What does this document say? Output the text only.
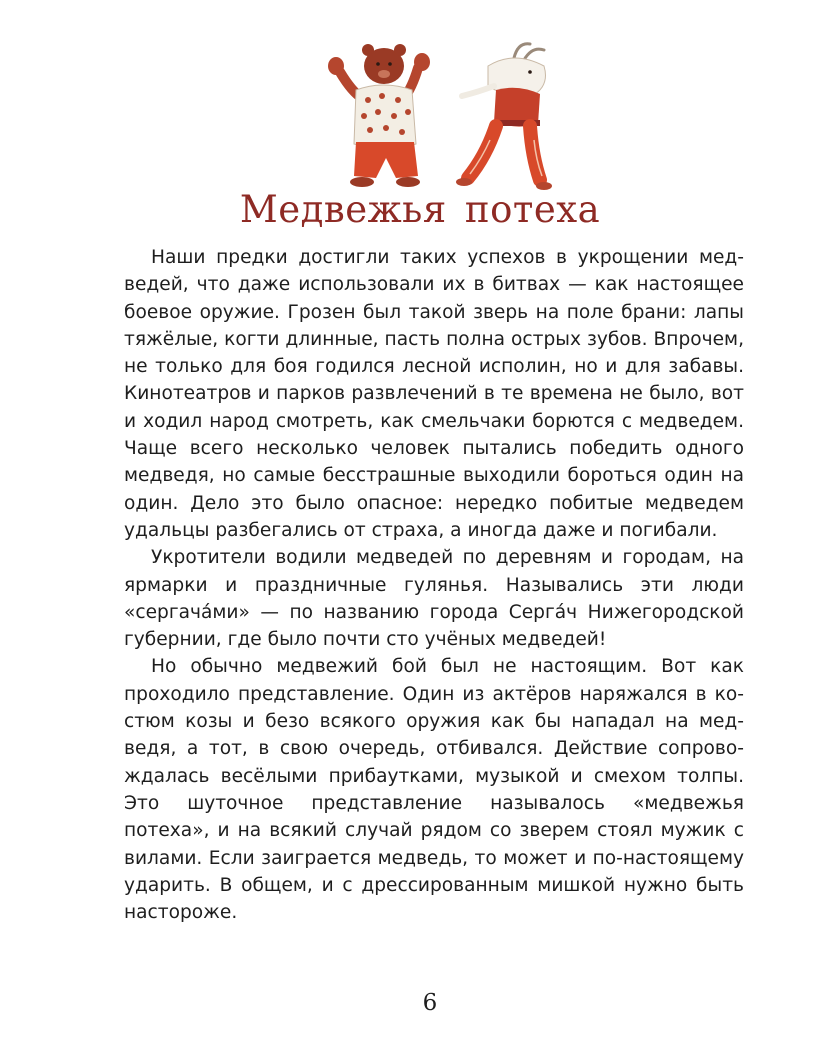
Медвежья потеха

Наши предки достигли таких успехов в укрощении медведей, что даже использовали их в битвах — как настоящее боевое оружие. Грозен был такой зверь на поле брани: лапы тяжёлые, когти длинные, пасть полна острых зубов. Впрочем, не только для боя годился лесной исполин, но и для забавы. Кинотеатров и парков развлечений в те времена не было, вот и ходил народ смотреть, как смельчаки борются с медведем. Чаще всего несколько человек пытались победить одного медведя, но самые бесстрашные выходили бороться один на один. Дело это было опасное: нередко побитые медведем удальцы разбегались от страха, а иногда даже и погибали.

Укротители водили медведей по деревням и городам, на ярмарки и праздничные гулянья. Назывались эти люди «сергача́ми» — по названию города Серга́ч Нижегородской губернии, где было почти сто учёных медведей!

Но обычно медвежий бой был не настоящим. Вот как проходило представление. Один из актёров наряжался в костюм козы и безо всякого оружия как бы нападал на медведя, а тот, в свою очередь, отбивался. Действие сопровождалась весёлыми прибаутками, музыкой и смехом толпы. Это шуточное представление называлось «медвежья потеха», и на всякий случай рядом со зверем стоял мужик с вилами. Если заиграется медведь, то может и по-настоящему ударить. В общем, и с дрессированным мишкой нужно быть настороже.

6
